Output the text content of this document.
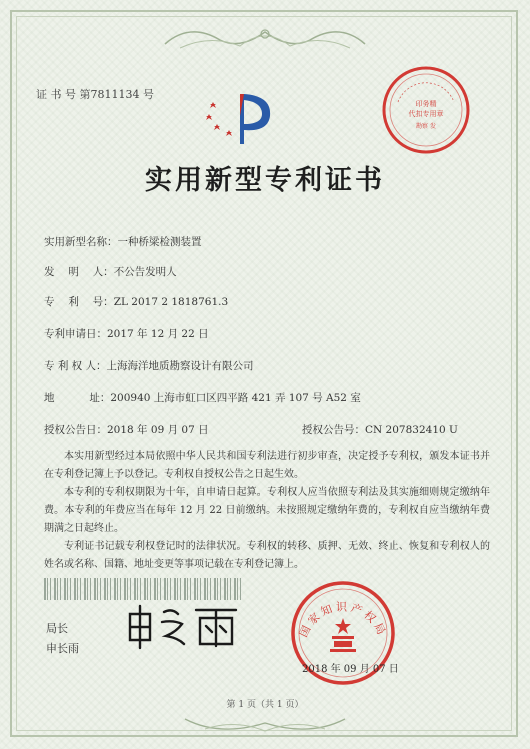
证 书 号 第7811134 号
印务精
代扣专用章
勘察 发
实用新型专利证书
实用新型名称：一种桥梁检测装置
发　 明 　人：不公告发明人
专　 利 　号：ZL 2017 2 1818761.3
专利申请日：2017 年 12 月 22 日
专 利 权 人：上海海洋地质勘察设计有限公司
地　　　 址：200940 上海市虹口区四平路 421 弄 107 号 A52 室
授权公告日：2018 年 09 月 07 日	授权公告号：CN 207832410 U
本实用新型经过本局依照中华人民共和国专利法进行初步审查，决定授予专利权，颁发本证书并在专利登记簿上予以登记。专利权自授权公告之日起生效。
本专利的专利权期限为十年，自申请日起算。专利权人应当依照专利法及其实施细则规定缴纳年费。本专利的年费应当在每年 12 月 22 日前缴纳。未按照规定缴纳年费的，专利权自应当缴纳年费期满之日起终止。
专利证书记载专利权登记时的法律状况。专利权的转移、质押、无效、终止、恢复和专利权人的姓名或名称、国籍、地址变更等事项记载在专利登记簿上。
局长
申长雨
国家知识产权局
2018 年 09 月 07 日
第 1 页（共 1 页）
